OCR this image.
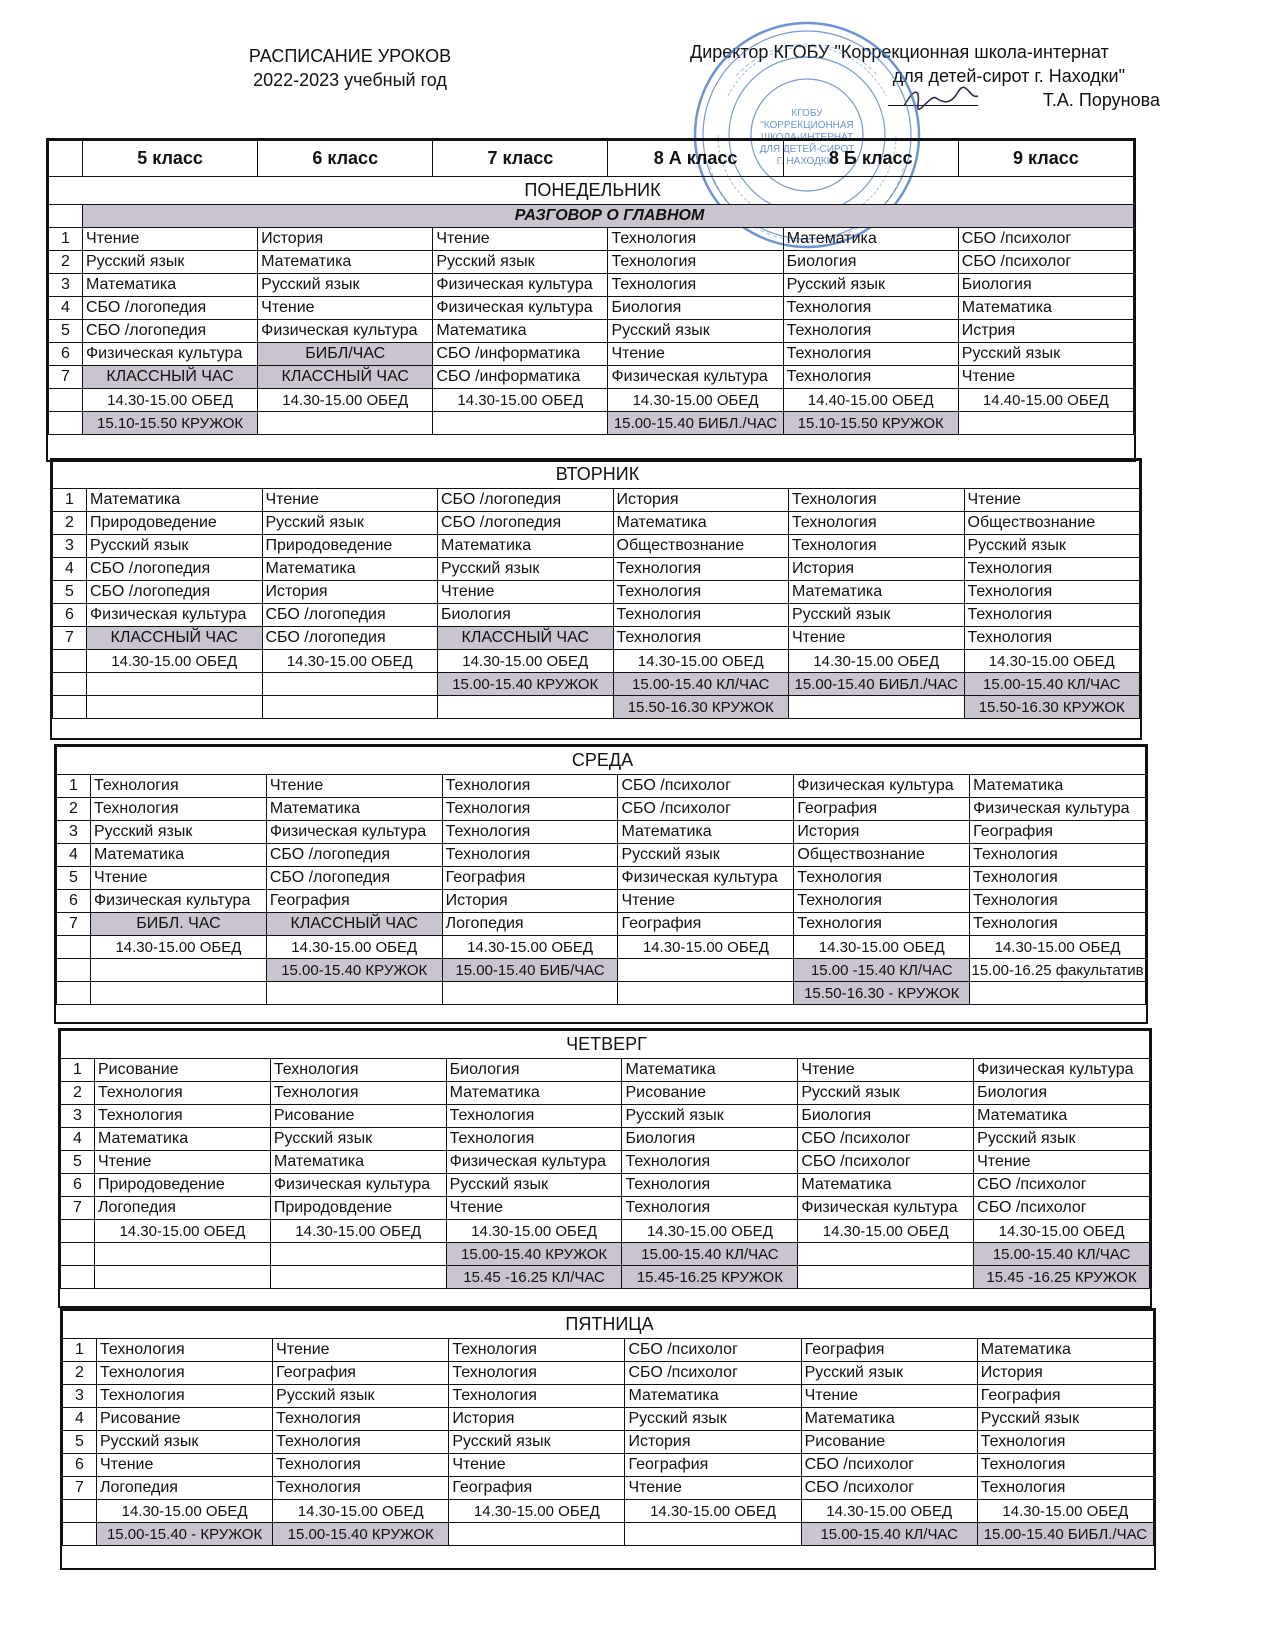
РАСПИСАНИЕ УРОКОВ
2022-2023 учебный год
Директор КГОБУ "Коррекционная школа-интернат
для детей-сирот г. Находки"
Т.А. Порунова
КГОБУ
"КОРРЕКЦИОННАЯ
ШКОЛА-ИНТЕРНАТ
ДЛЯ ДЕТЕЙ-СИРОТ
Г. НАХОДКИ"
	5 класс	6 класс	7 класс	8 А класс	8 Б класс	9 класс
ПОНЕДЕЛЬНИК						
	РАЗГОВОР О ГЛАВНОМ					
1	Чтение	История	Чтение	Технология	Математика	СБО /психолог
2	Русский язык	Математика	Русский язык	Технология	Биология	СБО /психолог
3	Математика	Русский язык	Физическая культура	Технология	Русский язык	Биология
4	СБО /логопедия	Чтение	Физическая культура	Биология	Технология	Математика
5	СБО /логопедия	Физическая культура	Математика	Русский язык	Технология	Истрия
6	Физическая культура	БИБЛ/ЧАС	СБО /информатика	Чтение	Технология	Русский язык
7	КЛАССНЫЙ ЧАС	КЛАССНЫЙ ЧАС	СБО /информатика	Физическая культура	Технология	Чтение
	14.30-15.00 ОБЕД	14.30-15.00 ОБЕД	14.30-15.00 ОБЕД	14.30-15.00 ОБЕД	14.40-15.00 ОБЕД	14.40-15.00 ОБЕД
	15.10-15.50 КРУЖОК			15.00-15.40 БИБЛ./ЧАС	15.10-15.50 КРУЖОК	
ВТОРНИК						
1	Математика	Чтение	СБО /логопедия	История	Технология	Чтение
2	Природоведение	Русский язык	СБО /логопедия	Математика	Технология	Обществознание
3	Русский язык	Природоведение	Математика	Обществознание	Технология	Русский язык
4	СБО /логопедия	Математика	Русский язык	Технология	История	Технология
5	СБО /логопедия	История	Чтение	Технология	Математика	Технология
6	Физическая культура	СБО /логопедия	Биология	Технология	Русский язык	Технология
7	КЛАССНЫЙ ЧАС	СБО /логопедия	КЛАССНЫЙ ЧАС	Технология	Чтение	Технология
	14.30-15.00 ОБЕД	14.30-15.00 ОБЕД	14.30-15.00 ОБЕД	14.30-15.00 ОБЕД	14.30-15.00 ОБЕД	14.30-15.00 ОБЕД
			15.00-15.40 КРУЖОК	15.00-15.40 КЛ/ЧАС	15.00-15.40 БИБЛ./ЧАС	15.00-15.40 КЛ/ЧАС
				15.50-16.30 КРУЖОК		15.50-16.30 КРУЖОК
СРЕДА						
1	Технология	Чтение	Технология	СБО /психолог	Физическая культура	Математика
2	Технология	Математика	Технология	СБО /психолог	География	Физическая культура
3	Русский язык	Физическая культура	Технология	Математика	История	География
4	Математика	СБО /логопедия	Технология	Русский язык	Обществознание	Технология
5	Чтение	СБО /логопедия	География	Физическая культура	Технология	Технология
6	Физическая культура	География	История	Чтение	Технология	Технология
7	БИБЛ. ЧАС	КЛАССНЫЙ ЧАС	Логопедия	География	Технология	Технология
	14.30-15.00 ОБЕД	14.30-15.00 ОБЕД	14.30-15.00 ОБЕД	14.30-15.00 ОБЕД	14.30-15.00 ОБЕД	14.30-15.00 ОБЕД
		15.00-15.40 КРУЖОК	15.00-15.40 БИБ/ЧАС		15.00 -15.40 КЛ/ЧАС	15.00-16.25 факультатив
					15.50-16.30 - КРУЖОК	
ЧЕТВЕРГ						
1	Рисование	Технология	Биология	Математика	Чтение	Физическая культура
2	Технология	Технология	Математика	Рисование	Русский язык	Биология
3	Технология	Рисование	Технология	Русский язык	Биология	Математика
4	Математика	Русский язык	Технология	Биология	СБО /психолог	Русский язык
5	Чтение	Математика	Физическая культура	Технология	СБО /психолог	Чтение
6	Природоведение	Физическая культура	Русский язык	Технология	Математика	СБО /психолог
7	Логопедия	Природовдение	Чтение	Технология	Физическая культура	СБО /психолог
	14.30-15.00 ОБЕД	14.30-15.00 ОБЕД	14.30-15.00 ОБЕД	14.30-15.00 ОБЕД	14.30-15.00 ОБЕД	14.30-15.00 ОБЕД
			15.00-15.40 КРУЖОК	15.00-15.40 КЛ/ЧАС		15.00-15.40 КЛ/ЧАС
			15.45 -16.25 КЛ/ЧАС	15.45-16.25 КРУЖОК		15.45 -16.25 КРУЖОК
ПЯТНИЦА						
1	Технология	Чтение	Технология	СБО /психолог	География	Математика
2	Технология	География	Технология	СБО /психолог	Русский язык	История
3	Технология	Русский язык	Технология	Математика	Чтение	География
4	Рисование	Технология	История	Русский язык	Математика	Русский язык
5	Русский язык	Технология	Русский язык	История	Рисование	Технология
6	Чтение	Технология	Чтение	География	СБО /психолог	Технология
7	Логопедия	Технология	География	Чтение	СБО /психолог	Технология
	14.30-15.00 ОБЕД	14.30-15.00 ОБЕД	14.30-15.00 ОБЕД	14.30-15.00 ОБЕД	14.30-15.00 ОБЕД	14.30-15.00 ОБЕД
	15.00-15.40 - КРУЖОК	15.00-15.40 КРУЖОК			15.00-15.40 КЛ/ЧАС	15.00-15.40 БИБЛ./ЧАС
